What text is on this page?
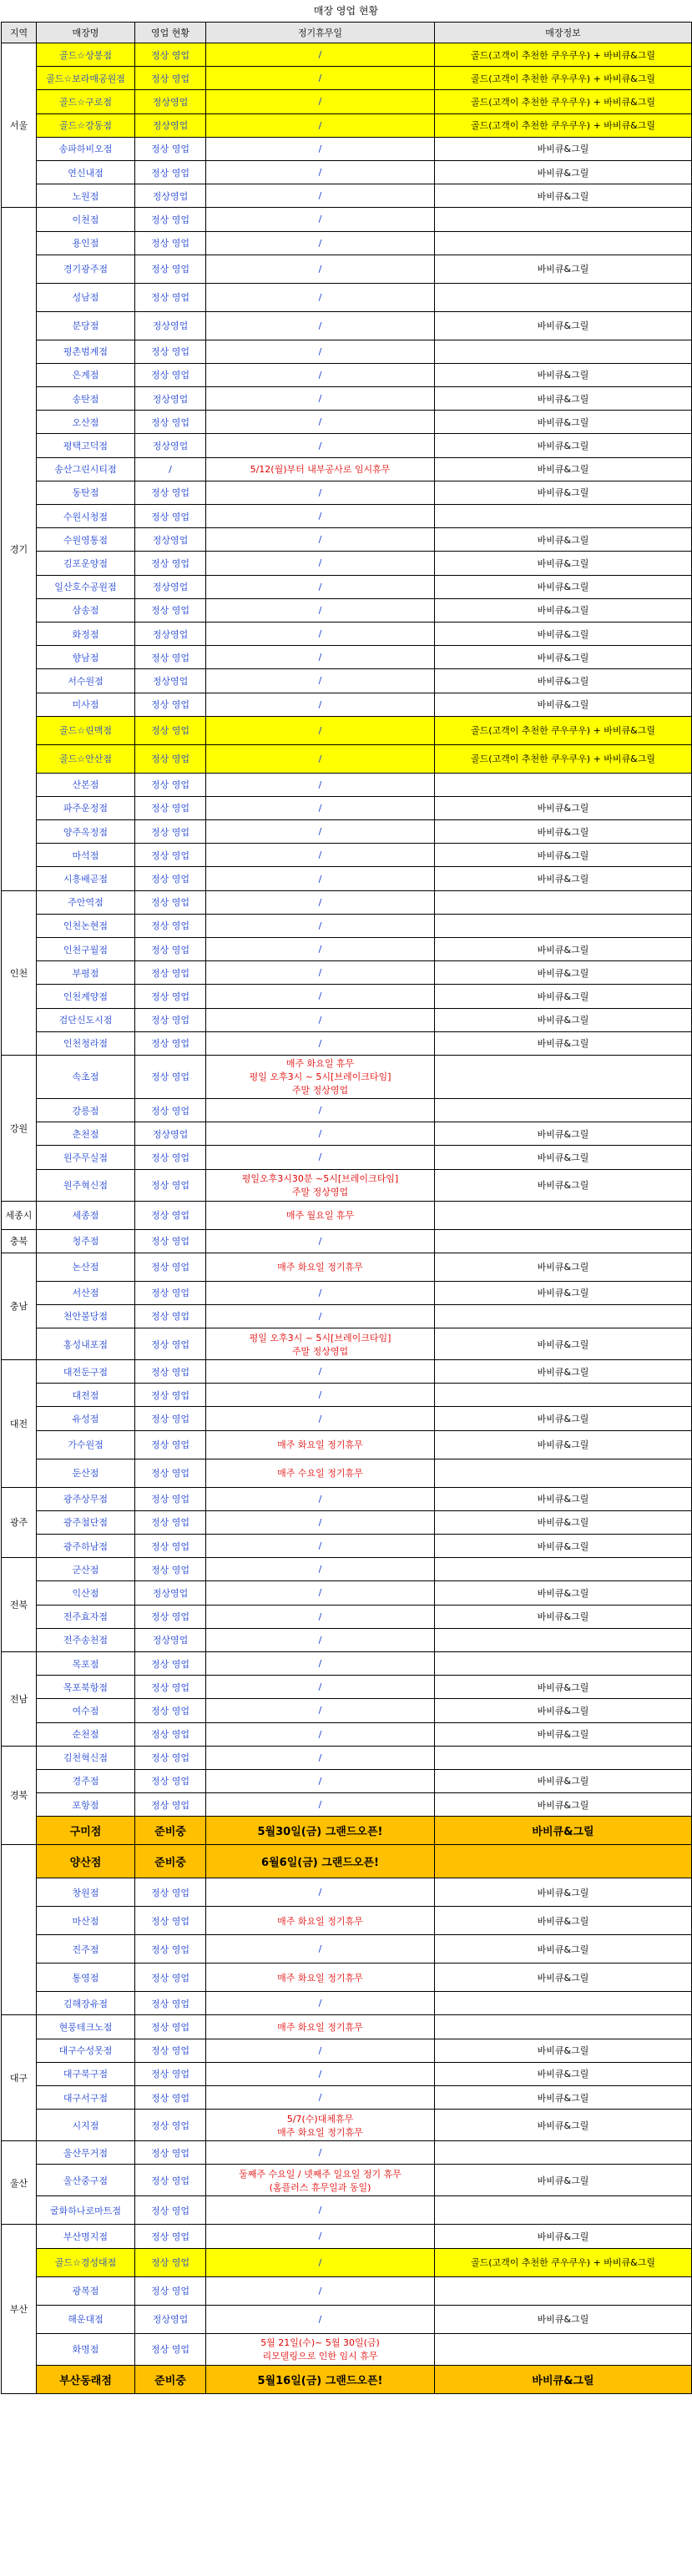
매장 영업 현황
지역	매장명	영업 현황	정기휴무일	매장정보
서울	골드☆상봉점	정상 영업	/	골드(고객이 추천한 쿠우쿠우) + 바비큐&그릴
	골드☆보라매공원점	정상 영업	/	골드(고객이 추천한 쿠우쿠우) + 바비큐&그릴
	골드☆구로점	정상영업	/	골드(고객이 추천한 쿠우쿠우) + 바비큐&그릴
	골드☆강동점	정상영업	/	골드(고객이 추천한 쿠우쿠우) + 바비큐&그릴
	송파하비오점	정상 영업	/	바비큐&그릴
	연신내점	정상 영업	/	바비큐&그릴
	노원점	정상영업	/	바비큐&그릴
경기	이천점	정상 영업	/	
	용인점	정상 영업	/	
	경기광주점	정상 영업	/	바비큐&그릴
	성남점	정상 영업	/	
	분당점	정상영업	/	바비큐&그릴
	평촌범계점	정상 영업	/	
	은계점	정상 영업	/	바비큐&그릴
	송탄점	정상영업	/	바비큐&그릴
	오산점	정상 영업	/	바비큐&그릴
	평택고덕점	정상영업	/	바비큐&그릴
	송산그린시티점	/	5/12(월)부터 내부공사로 임시휴무	바비큐&그릴
	동탄점	정상 영업	/	바비큐&그릴
	수원시청점	정상 영업	/	
	수원영통점	정상영업	/	바비큐&그릴
	김포운양점	정상 영업	/	바비큐&그릴
	일산호수공원점	정상영업	/	바비큐&그릴
	삼송점	정상 영업	/	바비큐&그릴
	화정점	정상영업	/	바비큐&그릴
	향남점	정상 영업	/	바비큐&그릴
	서수원점	정상영업	/	바비큐&그릴
	미사점	정상 영업	/	바비큐&그릴
	골드☆린맥점	정상 영업	/	골드(고객이 추천한 쿠우쿠우) + 바비큐&그릴
	골드☆안산점	정상 영업	/	골드(고객이 추천한 쿠우쿠우) + 바비큐&그릴
	산본점	정상 영업	/	
	파주운정점	정상 영업	/	바비큐&그릴
	양주옥정점	정상 영업	/	바비큐&그릴
	마석점	정상 영업	/	바비큐&그릴
	시흥배곧점	정상 영업	/	바비큐&그릴
인천	주안역점	정상 영업	/	
	인천논현점	정상 영업	/	
	인천구월점	정상 영업	/	바비큐&그릴
	부평점	정상 영업	/	바비큐&그릴
	인천계양점	정상 영업	/	바비큐&그릴
	검단신도시점	정상 영업	/	바비큐&그릴
	인천청라점	정상 영업	/	바비큐&그릴
강원	속초점	정상 영업	매주 화요일 휴무
평일 오후3시 ~ 5시[브레이크타임]
주말 정상영업	
	강릉점	정상 영업	/	
	춘천점	정상영업	/	바비큐&그릴
	원주무실점	정상 영업	/	바비큐&그릴
	원주혁신점	정상 영업	평일오후3시30분 ~5시[브레이크타임]
주말 정상영업	바비큐&그릴
세종시	세종점	정상 영업	매주 월요일 휴무	
충북	청주점	정상 영업	/	
충남	논산점	정상 영업	매주 화요일 정기휴무	바비큐&그릴
	서산점	정상 영업	/	바비큐&그릴
	천안불당점	정상 영업	/	
	홍성내포점	정상 영업	평일 오후3시 ~ 5시[브레이크타임]
주말 정상영업	바비큐&그릴
대전	대전둔구점	정상 영업	/	바비큐&그릴
	대전점	정상 영업	/	
	유성점	정상 영업	/	바비큐&그릴
	가수원점	정상 영업	매주 화요일 정기휴무	바비큐&그릴
	둔산점	정상 영업	매주 수요일 정기휴무	
광주	광주상무점	정상 영업	/	바비큐&그릴
	광주첨단점	정상 영업	/	바비큐&그릴
	광주하남점	정상 영업	/	바비큐&그릴
전북	군산점	정상 영업	/	
	익산점	정상영업	/	바비큐&그릴
	전주효자점	정상 영업	/	바비큐&그릴
	전주송천점	정상영업	/	
전남	목포점	정상 영업	/	
	목포북항점	정상 영업	/	바비큐&그릴
	여수점	정상 영업	/	바비큐&그릴
	순천점	정상 영업	/	바비큐&그릴
경북	김천혁신점	정상 영업	/	
	경주점	정상 영업	/	바비큐&그릴
	포항점	정상 영업	/	바비큐&그릴
	구미점	준비중	5월30일(금) 그랜드오픈!	바비큐&그릴
	양산점	준비중	6월6일(금) 그랜드오픈!	
	창원점	정상 영업	/	바비큐&그릴
	마산점	정상 영업	매주 화요일 정기휴무	바비큐&그릴
	진주점	정상 영업	/	바비큐&그릴
	통영점	정상 영업	매주 화요일 정기휴무	바비큐&그릴
	김해장유점	정상 영업	/	
대구	현풍테크노점	정상 영업	매주 화요일 정기휴무	
	대구수성못점	정상 영업	/	바비큐&그릴
	대구북구점	정상 영업	/	바비큐&그릴
	대구서구점	정상 영업	/	바비큐&그릴
	시지점	정상 영업	5/7(수)대체휴무
매주 화요일 정기휴무	바비큐&그릴
울산	울산무거점	정상 영업	/	
	울산중구점	정상 영업	둘째주 수요일 / 넷째주 일요일 정기 휴무
(홈플러스 휴무일과 동일)	바비큐&그릴
	굴화하나로마트점	정상 영업	/	
부산	부산명지점	정상 영업	/	바비큐&그릴
	골드☆경성대점	정상 영업	/	골드(고객이 추천한 쿠우쿠우) + 바비큐&그릴
	광복점	정상 영업	/	
	해운대점	정상영업	/	바비큐&그릴
	화명점	정상 영업	5월 21일(수)~ 5월 30일(금)
리모델링으로 인한 임시 휴무	
	부산동래점	준비중	5월16일(금) 그랜드오픈!	바비큐&그릴
